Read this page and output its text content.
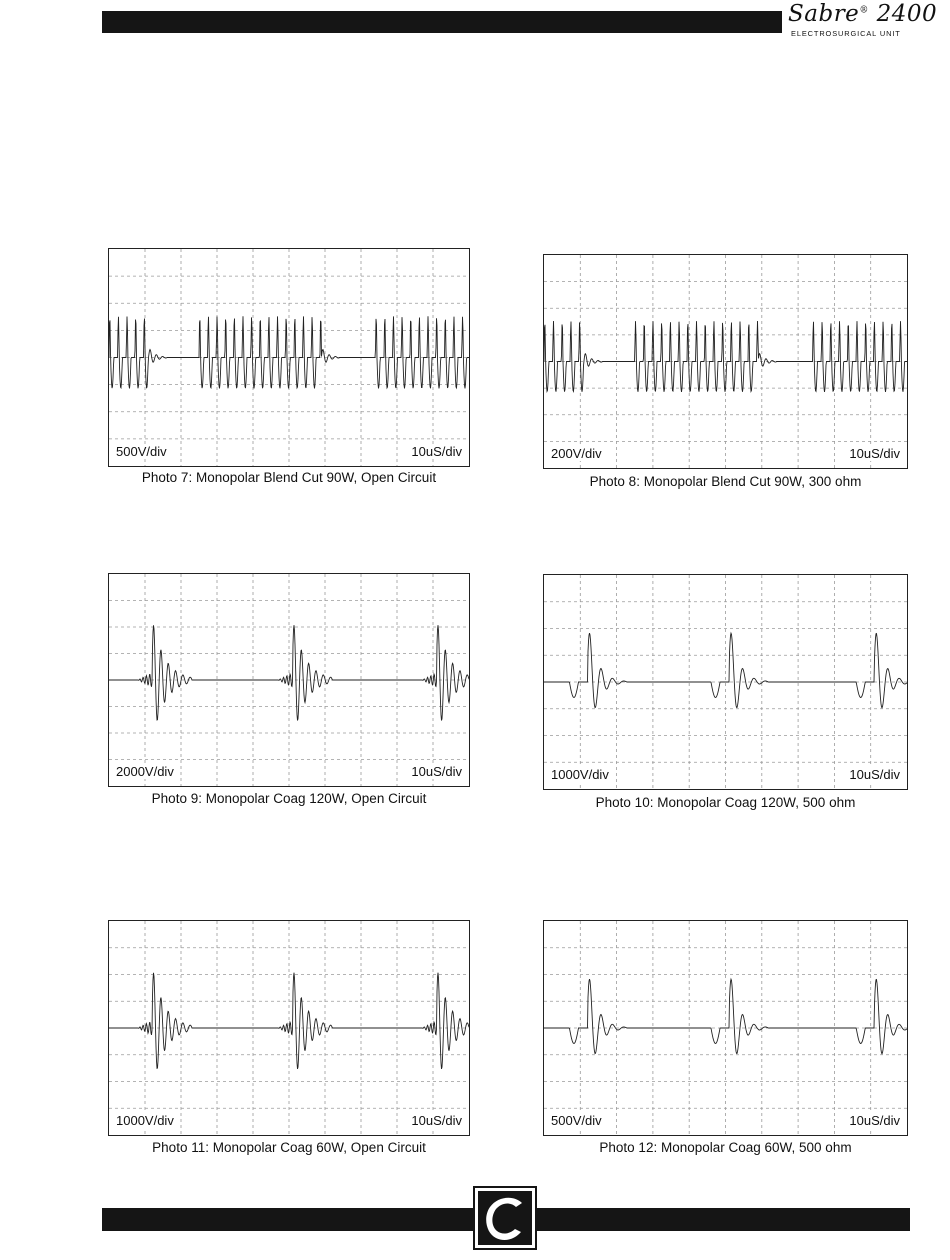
Sabre® 2400
ELECTROSURGICAL UNIT
500V/div	10uS/div
Photo 7: Monopolar Blend Cut 90W, Open Circuit
200V/div	10uS/div
Photo 8: Monopolar Blend Cut 90W, 300 ohm
2000V/div	10uS/div
Photo 9: Monopolar Coag 120W, Open Circuit
1000V/div	10uS/div
Photo 10: Monopolar Coag 120W, 500 ohm
1000V/div	10uS/div
Photo 11: Monopolar Coag 60W, Open Circuit
500V/div	10uS/div
Photo 12: Monopolar Coag 60W, 500 ohm
